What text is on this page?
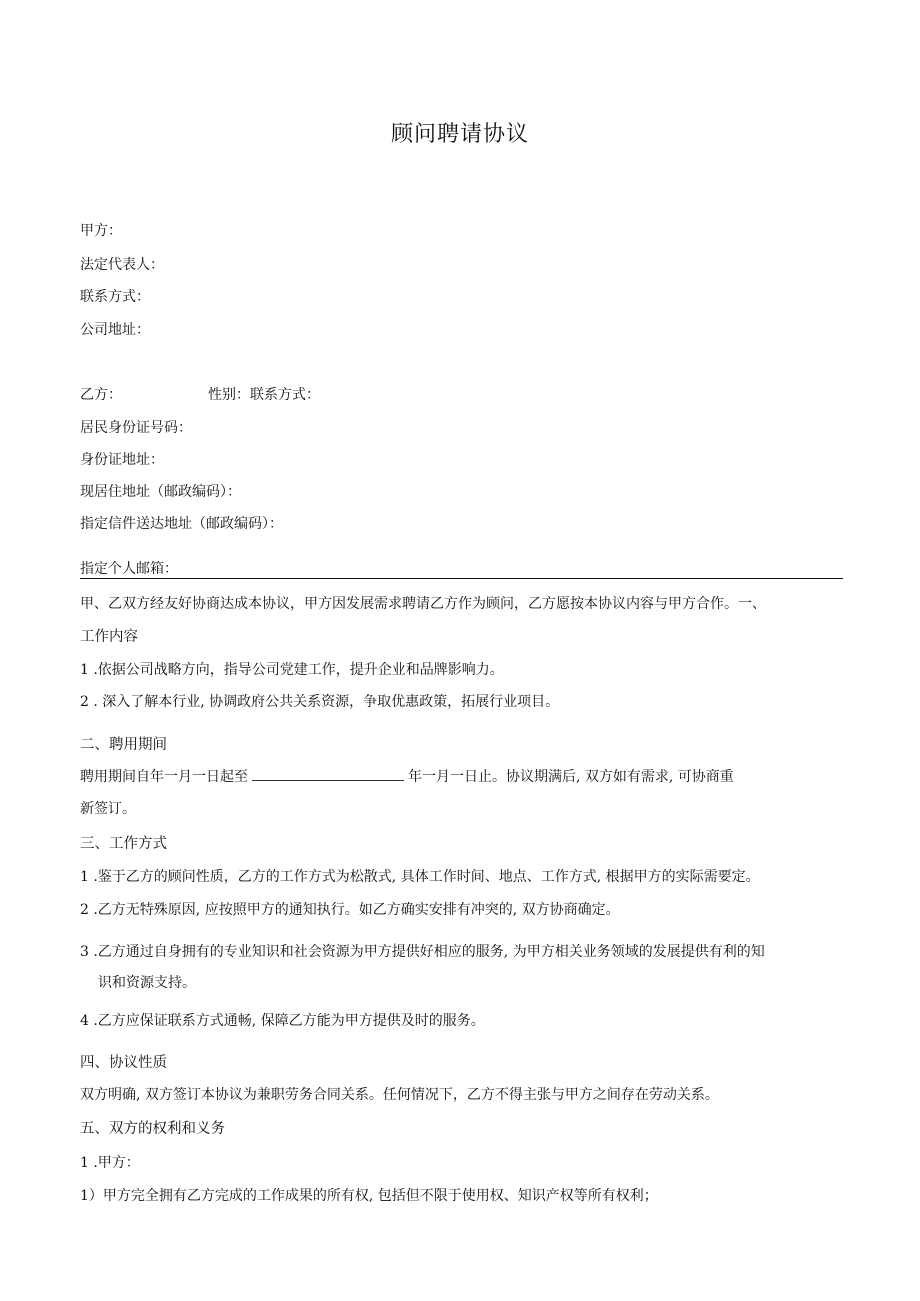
顾问聘请协议
甲方：
法定代表人：
联系方式：
公司地址：
乙方：	性别：联系方式：
居民身份证号码：
身份证地址：
现居住地址（邮政编码）：
指定信件送达地址（邮政编码）：
指定个人邮箱：
甲、乙双方经友好协商达成本协议，甲方因发展需求聘请乙方作为顾问，乙方愿按本协议内容与甲方合作。一、
工作内容
1 .依据公司战略方向，指导公司党建工作，提升企业和品牌影响力。
2 . 深入了解本行业, 协调政府公共关系资源，争取优惠政策，拓展行业项目。
二、聘用期间
聘用期间自年一月一日起至	年一月一日止。协议期满后, 双方如有需求, 可协商重
新签订。
三、工作方式
1 .鉴于乙方的顾问性质，乙方的工作方式为松散式, 具体工作时间、地点、工作方式, 根据甲方的实际需要定。
2 .乙方无特殊原因, 应按照甲方的通知执行。如乙方确实安排有冲突的, 双方协商确定。
3 .乙方通过自身拥有的专业知识和社会资源为甲方提供好相应的服务, 为甲方相关业务领域的发展提供有利的知
识和资源支持。
4 .乙方应保证联系方式通畅, 保障乙方能为甲方提供及时的服务。
四、协议性质
双方明确, 双方签订本协议为兼职劳务合同关系。任何情况下，乙方不得主张与甲方之间存在劳动关系。
五、双方的权利和义务
1 .甲方：
1）甲方完全拥有乙方完成的工作成果的所有权, 包括但不限于使用权、知识产权等所有权利；
